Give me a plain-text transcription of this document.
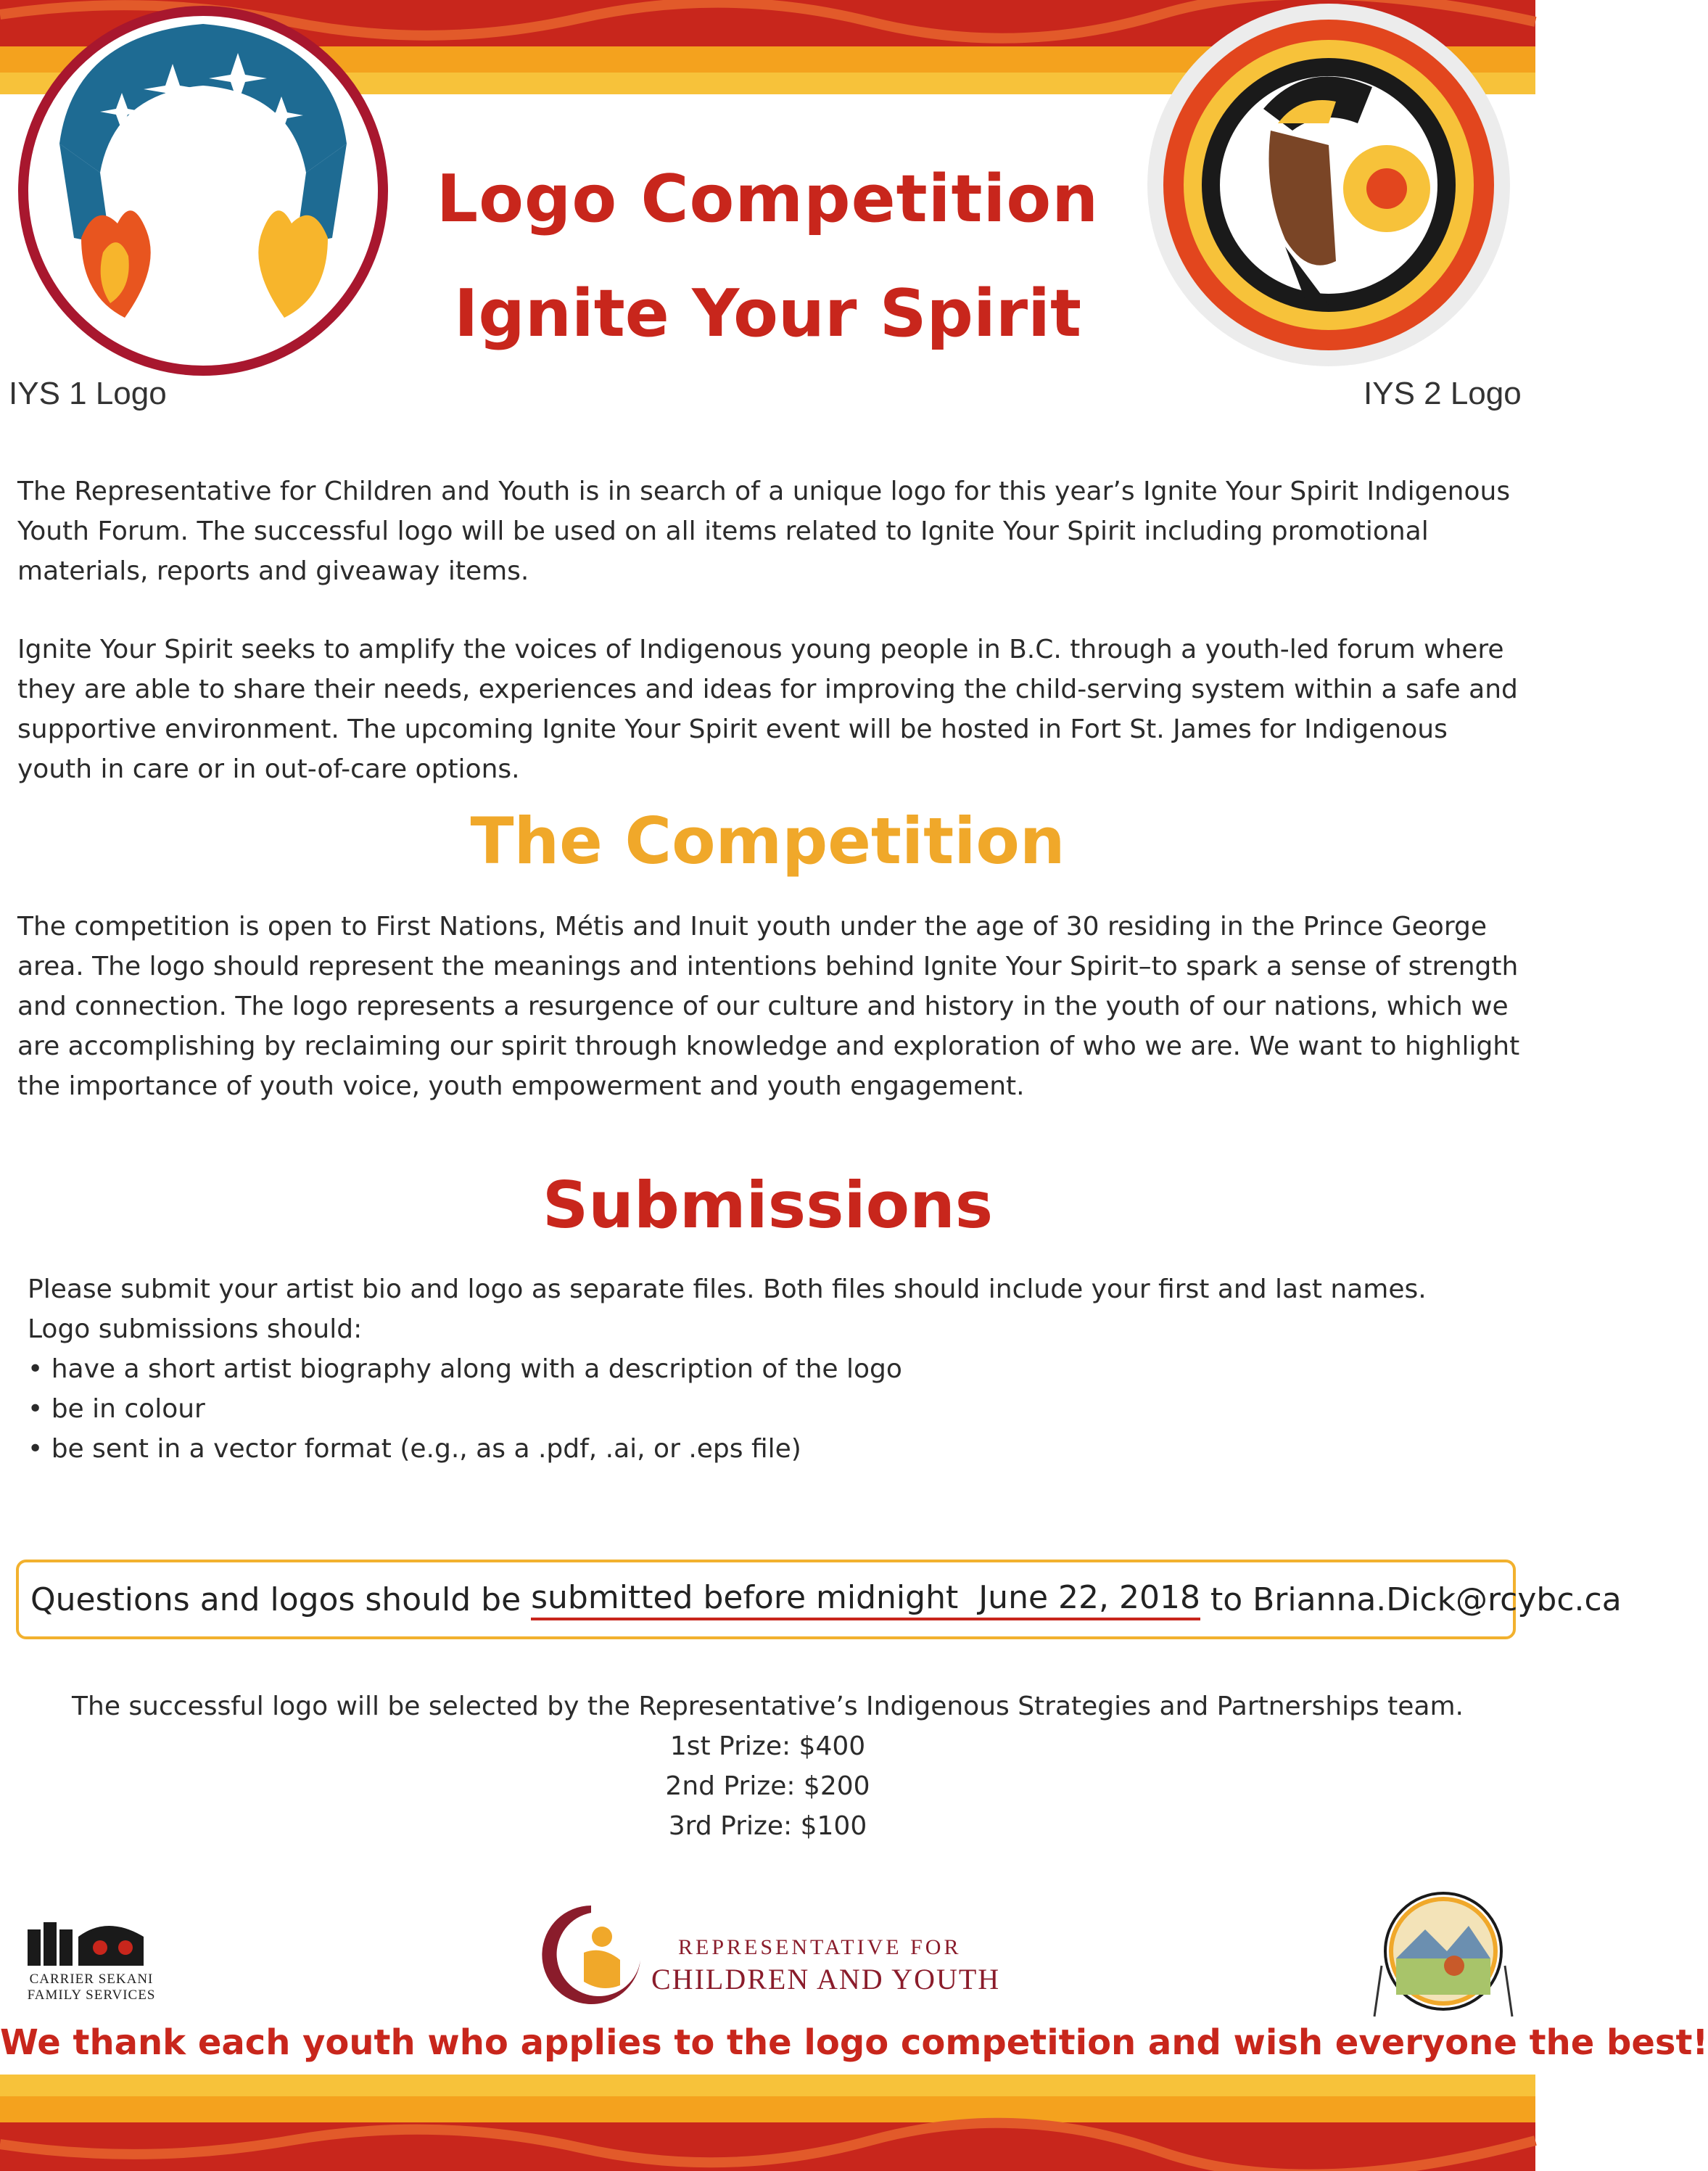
IYS 1 Logo	IYS 2 Logo
Logo Competition
Ignite Your Spirit

The Representative for Children and Youth is in search of a unique logo for this year’s Ignite Your Spirit Indigenous Youth Forum. The successful logo will be used on all items related to Ignite Your Spirit including promotional materials, reports and giveaway items.

Ignite Your Spirit seeks to amplify the voices of Indigenous young people in B.C. through a youth-led forum where they are able to share their needs, experiences and ideas for improving the child-serving system within a safe and supportive environment. The upcoming Ignite Your Spirit event will be hosted in Fort St. James for Indigenous youth in care or in out-of-care options.

The Competition

The competition is open to First Nations, Métis and Inuit youth under the age of 30 residing in the Prince George area. The logo should represent the meanings and intentions behind Ignite Your Spirit–to spark a sense of strength and connection. The logo represents a resurgence of our culture and history in the youth of our nations, which we are accomplishing by reclaiming our spirit through knowledge and exploration of who we are. We want to highlight the importance of youth voice, youth empowerment and youth engagement.

Submissions
Please submit your artist bio and logo as separate files. Both files should include your first and last names.
Logo submissions should:
• have a short artist biography along with a description of the logo
• be in colour
• be sent in a vector format (e.g., as a .pdf, .ai, or .eps file)
Questions and logos should be submitted before midnight  June 22, 2018 to Brianna.Dick@rcybc.ca
The successful logo will be selected by the Representative’s Indigenous Strategies and Partnerships team.
1st Prize: $400
2nd Prize: $200
3rd Prize: $100
CARRIER SEKANI
FAMILY SERVICES
REPRESENTATIVE FOR
CHILDREN AND YOUTH
We thank each youth who applies to the logo competition and wish everyone the best!
